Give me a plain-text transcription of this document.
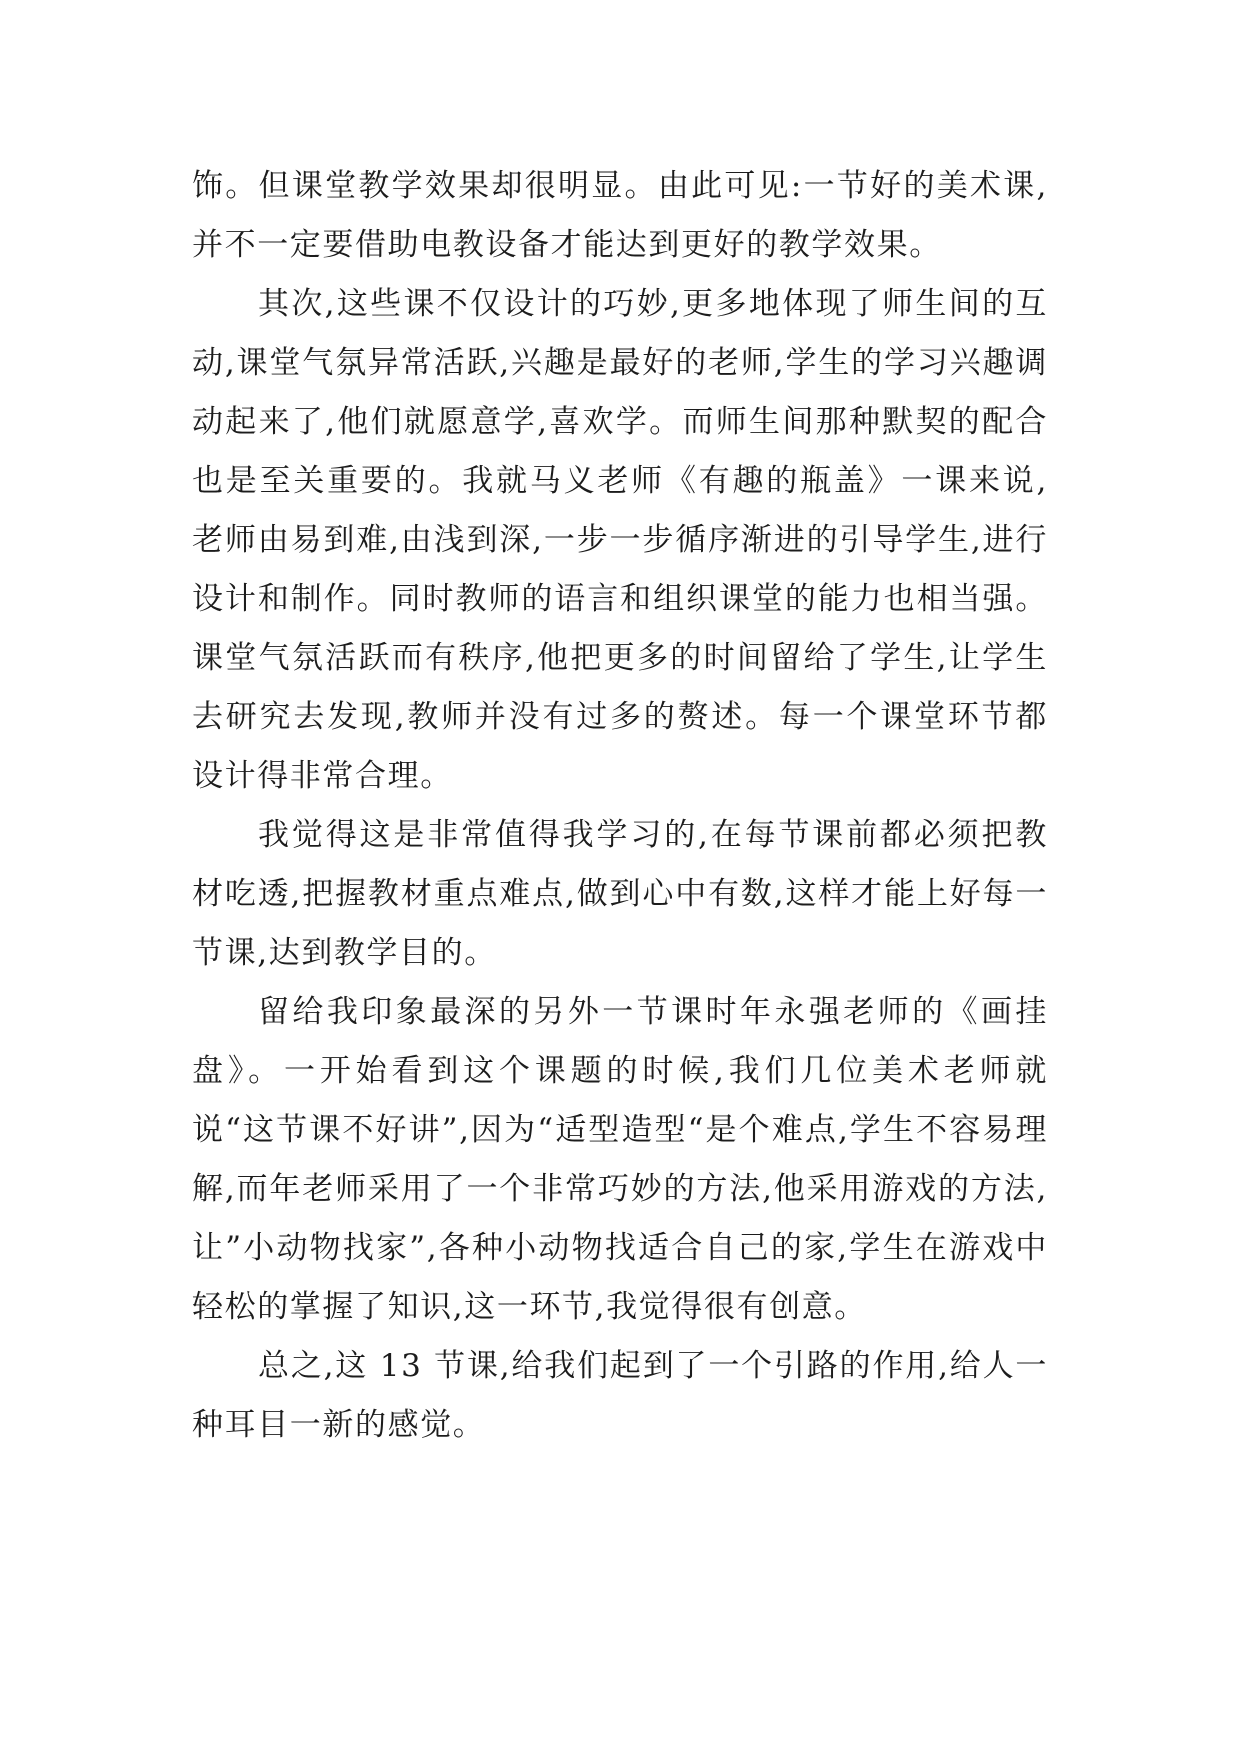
饰。但课堂教学效果却很明显。由此可见:一节好的美术课,并不一定要借助电教设备才能达到更好的教学效果。

其次,这些课不仅设计的巧妙,更多地体现了师生间的互动,课堂气氛异常活跃,兴趣是最好的老师,学生的学习兴趣调动起来了,他们就愿意学,喜欢学。而师生间那种默契的配合也是至关重要的。我就马义老师《有趣的瓶盖》一课来说,老师由易到难,由浅到深,一步一步循序渐进的引导学生,进行设计和制作。同时教师的语言和组织课堂的能力也相当强。课堂气氛活跃而有秩序,他把更多的时间留给了学生,让学生去研究去发现,教师并没有过多的赘述。每一个课堂环节都设计得非常合理。

我觉得这是非常值得我学习的,在每节课前都必须把教材吃透,把握教材重点难点,做到心中有数,这样才能上好每一节课,达到教学目的。

留给我印象最深的另外一节课时年永强老师的《画挂盘》。一开始看到这个课题的时候,我们几位美术老师就说“这节课不好讲”,因为“适型造型“是个难点,学生不容易理解,而年老师采用了一个非常巧妙的方法,他采用游戏的方法,让”小动物找家”,各种小动物找适合自己的家,学生在游戏中轻松的掌握了知识,这一环节,我觉得很有创意。

总之,这 13 节课,给我们起到了一个引路的作用,给人一种耳目一新的感觉。
